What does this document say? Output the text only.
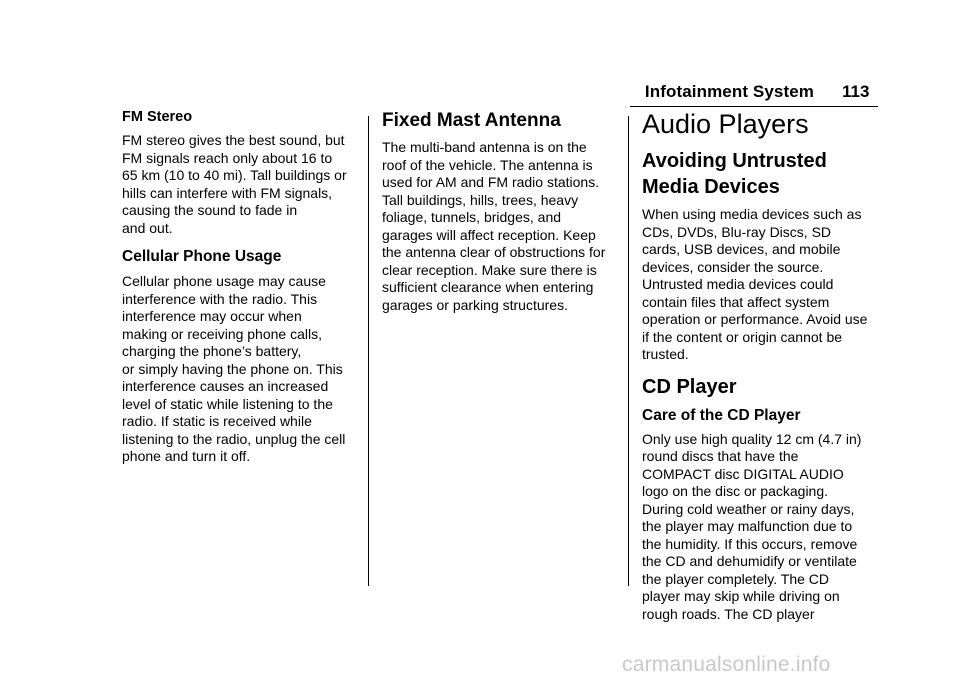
Infotainment System 113
FM Stereo

FM stereo gives the best sound, but
FM signals reach only about 16 to
65 km (10 to 40 mi). Tall buildings or
hills can interfere with FM signals,
causing the sound to fade in
and out.

Cellular Phone Usage

Cellular phone usage may cause
interference with the radio. This
interference may occur when
making or receiving phone calls,
charging the phone’s battery,
or simply having the phone on. This
interference causes an increased
level of static while listening to the
radio. If static is received while
listening to the radio, unplug the cell
phone and turn it off.

Fixed Mast Antenna

The multi-band antenna is on the
roof of the vehicle. The antenna is
used for AM and FM radio stations.
Tall buildings, hills, trees, heavy
foliage, tunnels, bridges, and
garages will affect reception. Keep
the antenna clear of obstructions for
clear reception. Make sure there is
sufficient clearance when entering
garages or parking structures.

Audio Players
Avoiding Untrusted Media Devices

When using media devices such as
CDs, DVDs, Blu-ray Discs, SD
cards, USB devices, and mobile
devices, consider the source.
Untrusted media devices could
contain files that affect system
operation or performance. Avoid use
if the content or origin cannot be
trusted.

CD Player
Care of the CD Player

Only use high quality 12 cm (4.7 in)
round discs that have the
COMPACT disc DIGITAL AUDIO
logo on the disc or packaging.
During cold weather or rainy days,
the player may malfunction due to
the humidity. If this occurs, remove
the CD and dehumidify or ventilate
the player completely. The CD
player may skip while driving on
rough roads. The CD player

carmanualsonline.info
